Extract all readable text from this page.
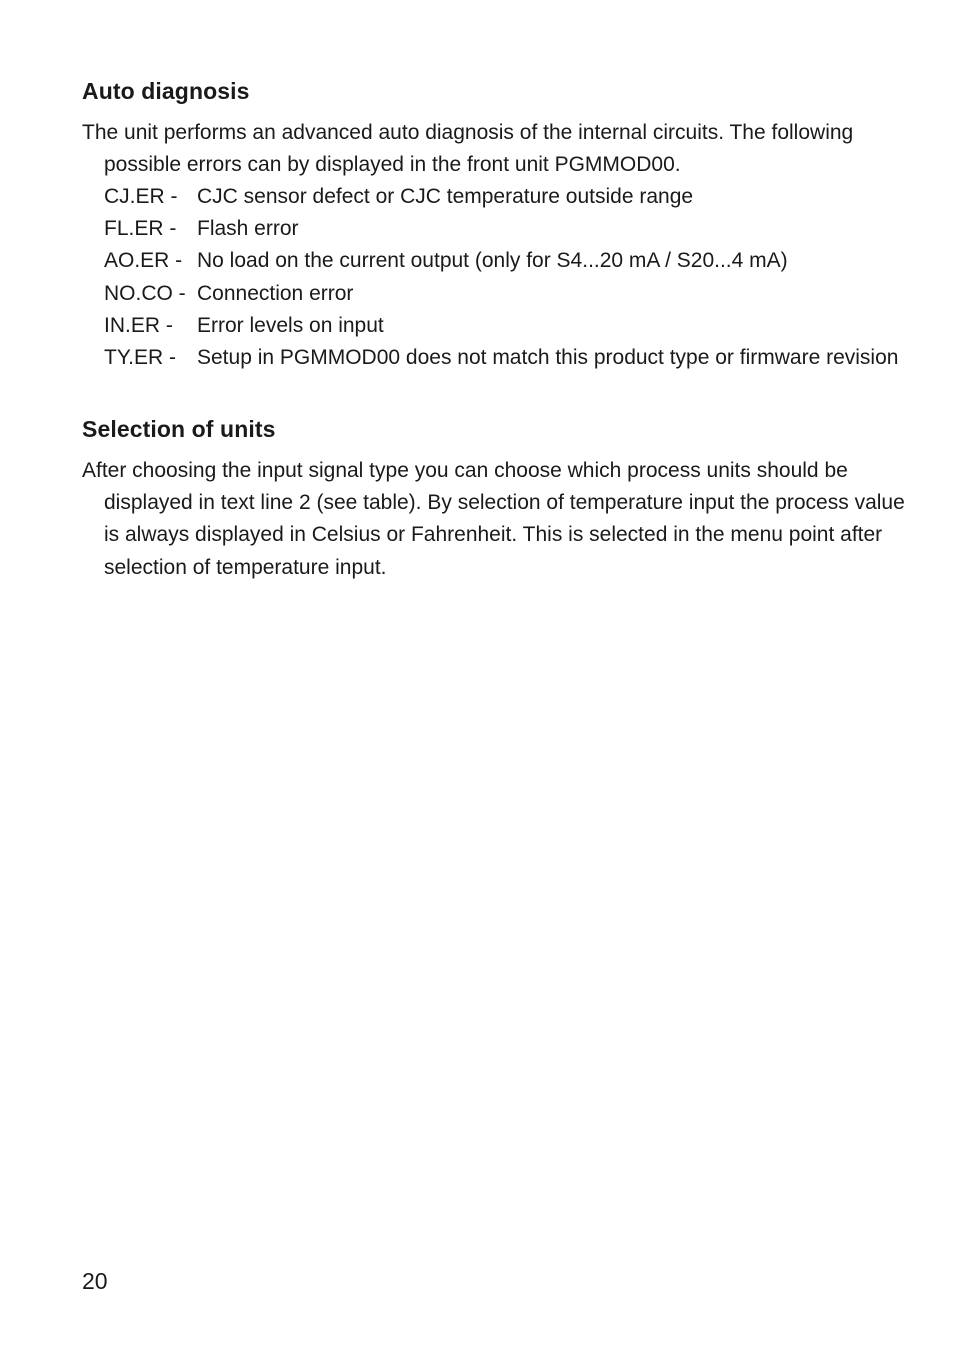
Auto diagnosis

The unit performs an advanced auto diagnosis of the internal circuits. The following possible errors can by displayed in the front unit PGMMOD00.

CJ.ER - CJC sensor defect or CJC temperature outside range
FL.ER - Flash error
AO.ER - No load on the current output (only for S4...20 mA / S20...4 mA)
NO.CO - Connection error
IN.ER -	Error levels on input
TY.ER -	Setup in PGMMOD00 does not match this product type or firmware revision
Selection of units

After choosing the input signal type you can choose which process units should be displayed in text line 2 (see table). By selection of temperature input the process value is always displayed in Celsius or Fahrenheit. This is selected in the menu point after selection of temperature input.

20
